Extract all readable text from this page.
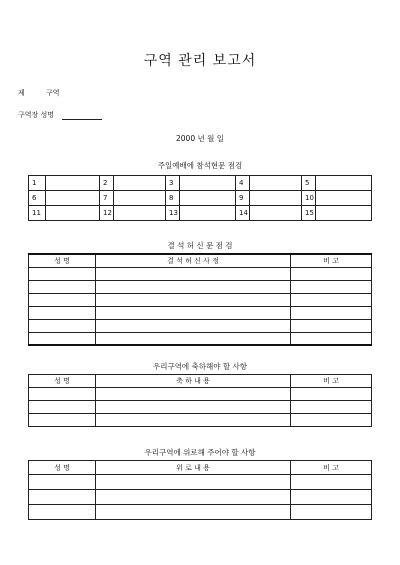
구역 관리 보고서
제	구역
구역장 성명
2000 년 월 일
주일예배에 참석현문 점검
1		2		3		4		5	
6		7		8		9		10	
11		12		13		14		15	
결 석 허 신 문 점 검
성 명	결 석 허 신 사 정	비 고

우리구역에 축하해야 할 사항
성 명	축 하 내 용	비 고

우리구역에 위로해 주어야 할 사항
성 명	위 로 내 용	비 고
